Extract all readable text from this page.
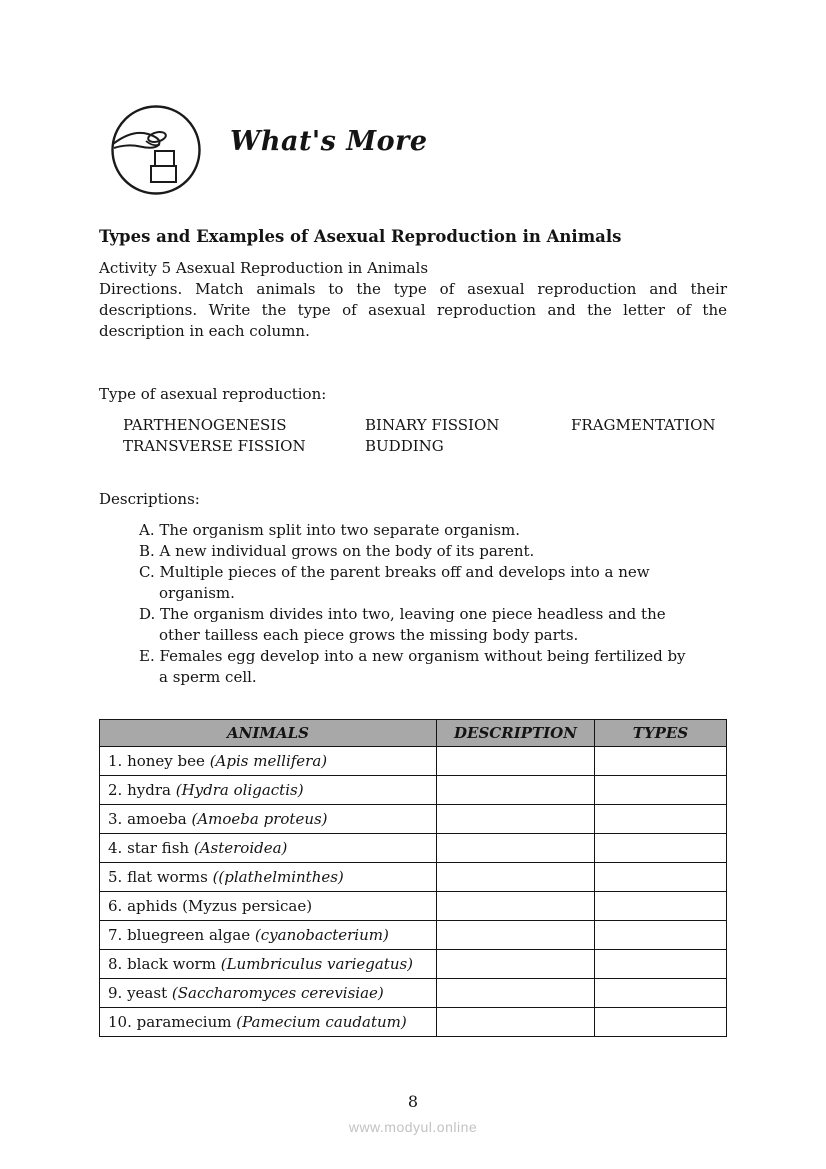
What's More
Types and Examples of Asexual Reproduction in Animals

Activity 5 Asexual Reproduction in Animals

Directions. Match animals to the type of asexual reproduction and their descriptions. Write the type of asexual reproduction and the letter of the description in each column.

Type of asexual reproduction:

PARTHENOGENESIS	BINARY FISSION	FRAGMENTATION
TRANSVERSE FISSION	BUDDING

Descriptions:

A. The organism split into two separate organism.
B. A new individual grows on the body of its parent.
C. Multiple pieces of the parent breaks off and develops into a new organism.
D. The organism divides into two, leaving one piece headless and the other tailless each piece grows the missing body parts.
E. Females egg develop into a new organism without being fertilized by a sperm cell.
ANIMALS	DESCRIPTION	TYPES
1. honey bee (Apis mellifera)		
2. hydra (Hydra oligactis)		
3. amoeba (Amoeba proteus)		
4. star fish (Asteroidea)		
5. flat worms ((plathelminthes)		
6. aphids (Myzus persicae)		
7. bluegreen algae (cyanobacterium)		
8. black worm (Lumbriculus variegatus)		
9. yeast (Saccharomyces cerevisiae)		
10. paramecium (Pamecium caudatum)		
8
www.modyul.online
